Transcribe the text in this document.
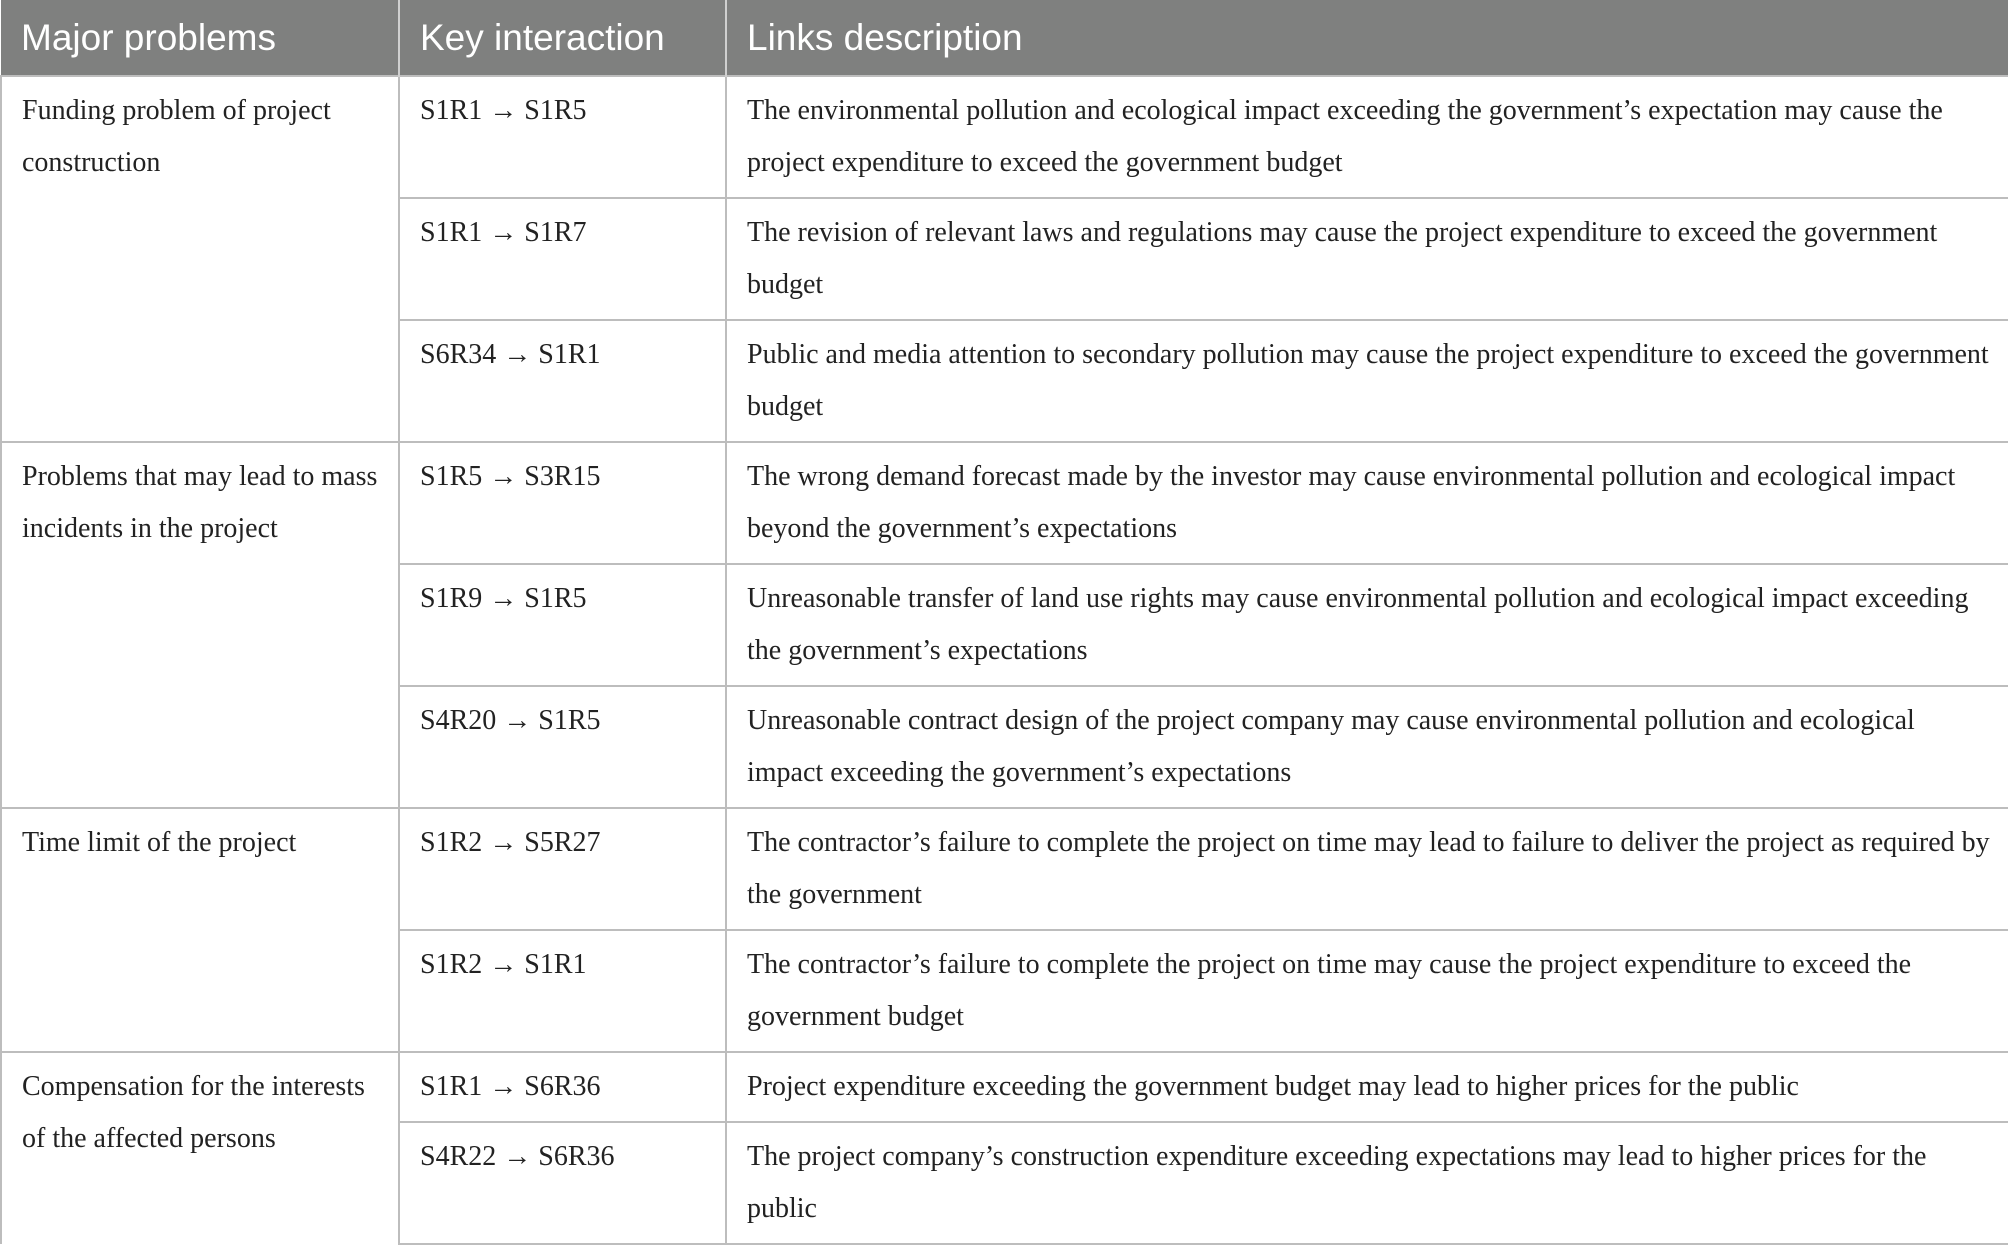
Major problems	Key interaction	Links description
Funding problem of project construction	S1R1 → S1R5	The environmental pollution and ecological impact exceeding the government’s expectation may cause the project expenditure to exceed the government budget
	S1R1 → S1R7	The revision of relevant laws and regulations may cause the project expenditure to exceed the government budget
	S6R34 → S1R1	Public and media attention to secondary pollution may cause the project expenditure to exceed the government budget
Problems that may lead to mass incidents in the project	S1R5 → S3R15	The wrong demand forecast made by the investor may cause environmental pollution and ecological impact beyond the government’s expectations
	S1R9 → S1R5	Unreasonable transfer of land use rights may cause environmental pollution and ecological impact exceeding the government’s expectations
	S4R20 → S1R5	Unreasonable contract design of the project company may cause environmental pollution and ecological impact exceeding the government’s expectations
Time limit of the project	S1R2 → S5R27	The contractor’s failure to complete the project on time may lead to failure to deliver the project as required by the government
	S1R2 → S1R1	The contractor’s failure to complete the project on time may cause the project expenditure to exceed the government budget
Compensation for the interests of the affected persons	S1R1 → S6R36	Project expenditure exceeding the government budget may lead to higher prices for the public
	S4R22 → S6R36	The project company’s construction expenditure exceeding expectations may lead to higher prices for the public
